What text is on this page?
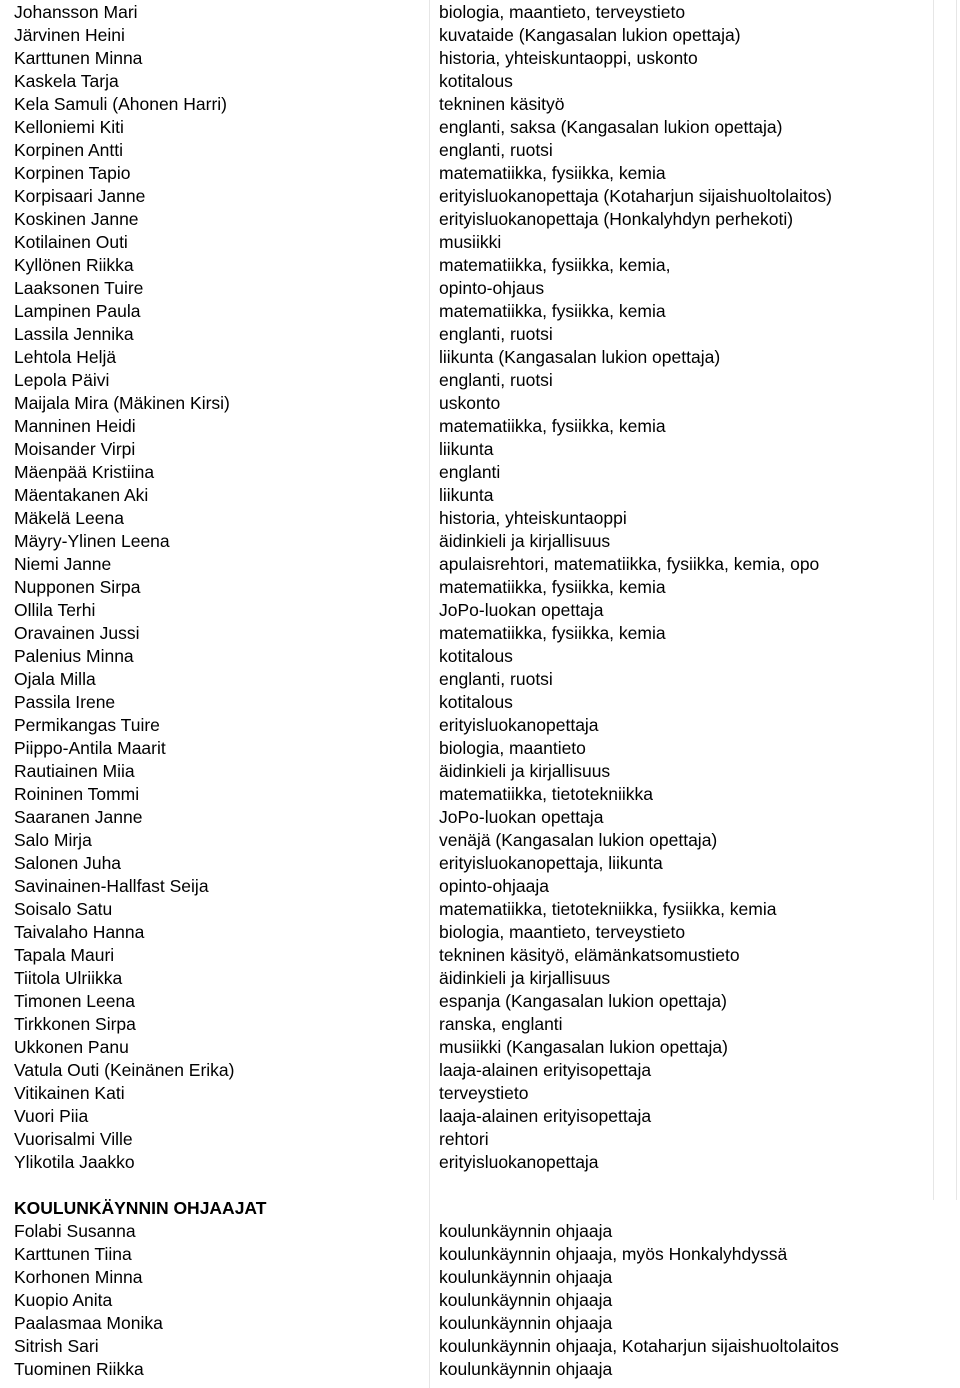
Johansson Mari	biologia, maantieto, terveystieto
Järvinen Heini	kuvataide (Kangasalan lukion opettaja)
Karttunen Minna	historia, yhteiskuntaoppi, uskonto
Kaskela Tarja	kotitalous
Kela Samuli (Ahonen Harri)	tekninen käsityö
Kelloniemi Kiti	englanti, saksa (Kangasalan lukion opettaja)
Korpinen Antti	englanti, ruotsi
Korpinen Tapio	matematiikka, fysiikka, kemia
Korpisaari Janne	erityisluokanopettaja (Kotaharjun sijaishuoltolaitos)
Koskinen Janne	erityisluokanopettaja (Honkalyhdyn perhekoti)
Kotilainen Outi	musiikki
Kyllönen Riikka	matematiikka, fysiikka, kemia,
Laaksonen Tuire	opinto-ohjaus
Lampinen Paula	matematiikka, fysiikka, kemia
Lassila Jennika	englanti, ruotsi
Lehtola Heljä	liikunta (Kangasalan lukion opettaja)
Lepola Päivi	englanti, ruotsi
Maijala Mira (Mäkinen Kirsi)	uskonto
Manninen Heidi	matematiikka, fysiikka, kemia
Moisander Virpi	liikunta
Mäenpää Kristiina	englanti
Mäentakanen Aki	liikunta
Mäkelä Leena	historia, yhteiskuntaoppi
Mäyry-Ylinen Leena	äidinkieli ja kirjallisuus
Niemi Janne	apulaisrehtori, matematiikka, fysiikka, kemia, opo
Nupponen Sirpa	matematiikka, fysiikka, kemia
Ollila Terhi	JoPo-luokan opettaja
Oravainen Jussi	matematiikka, fysiikka, kemia
Palenius Minna	kotitalous
Ojala Milla	englanti, ruotsi
Passila Irene	kotitalous
Permikangas Tuire	erityisluokanopettaja
Piippo-Antila Maarit	biologia, maantieto
Rautiainen Miia	äidinkieli ja kirjallisuus
Roininen Tommi	matematiikka, tietotekniikka
Saaranen Janne	JoPo-luokan opettaja
Salo Mirja	venäjä (Kangasalan lukion opettaja)
Salonen Juha	erityisluokanopettaja, liikunta
Savinainen-Hallfast Seija	opinto-ohjaaja
Soisalo Satu	matematiikka, tietotekniikka, fysiikka, kemia
Taivalaho Hanna	biologia, maantieto, terveystieto
Tapala Mauri	tekninen käsityö, elämänkatsomustieto
Tiitola Ulriikka	äidinkieli ja kirjallisuus
Timonen Leena	espanja (Kangasalan lukion opettaja)
Tirkkonen Sirpa	ranska, englanti
Ukkonen Panu	musiikki (Kangasalan lukion opettaja)
Vatula Outi (Keinänen Erika)	laaja-alainen erityisopettaja
Vitikainen Kati	terveystieto
Vuori Piia	laaja-alainen erityisopettaja
Vuorisalmi Ville	rehtori
Ylikotila Jaakko	erityisluokanopettaja
KOULUNKÄYNNIN OHJAAJAT
Folabi Susanna	koulunkäynnin ohjaaja
Karttunen Tiina	koulunkäynnin ohjaaja, myös Honkalyhdyssä
Korhonen Minna	koulunkäynnin ohjaaja
Kuopio Anita	koulunkäynnin ohjaaja
Paalasmaa Monika	koulunkäynnin ohjaaja
Sitrish Sari	koulunkäynnin ohjaaja, Kotaharjun sijaishuoltolaitos
Tuominen Riikka	koulunkäynnin ohjaaja
